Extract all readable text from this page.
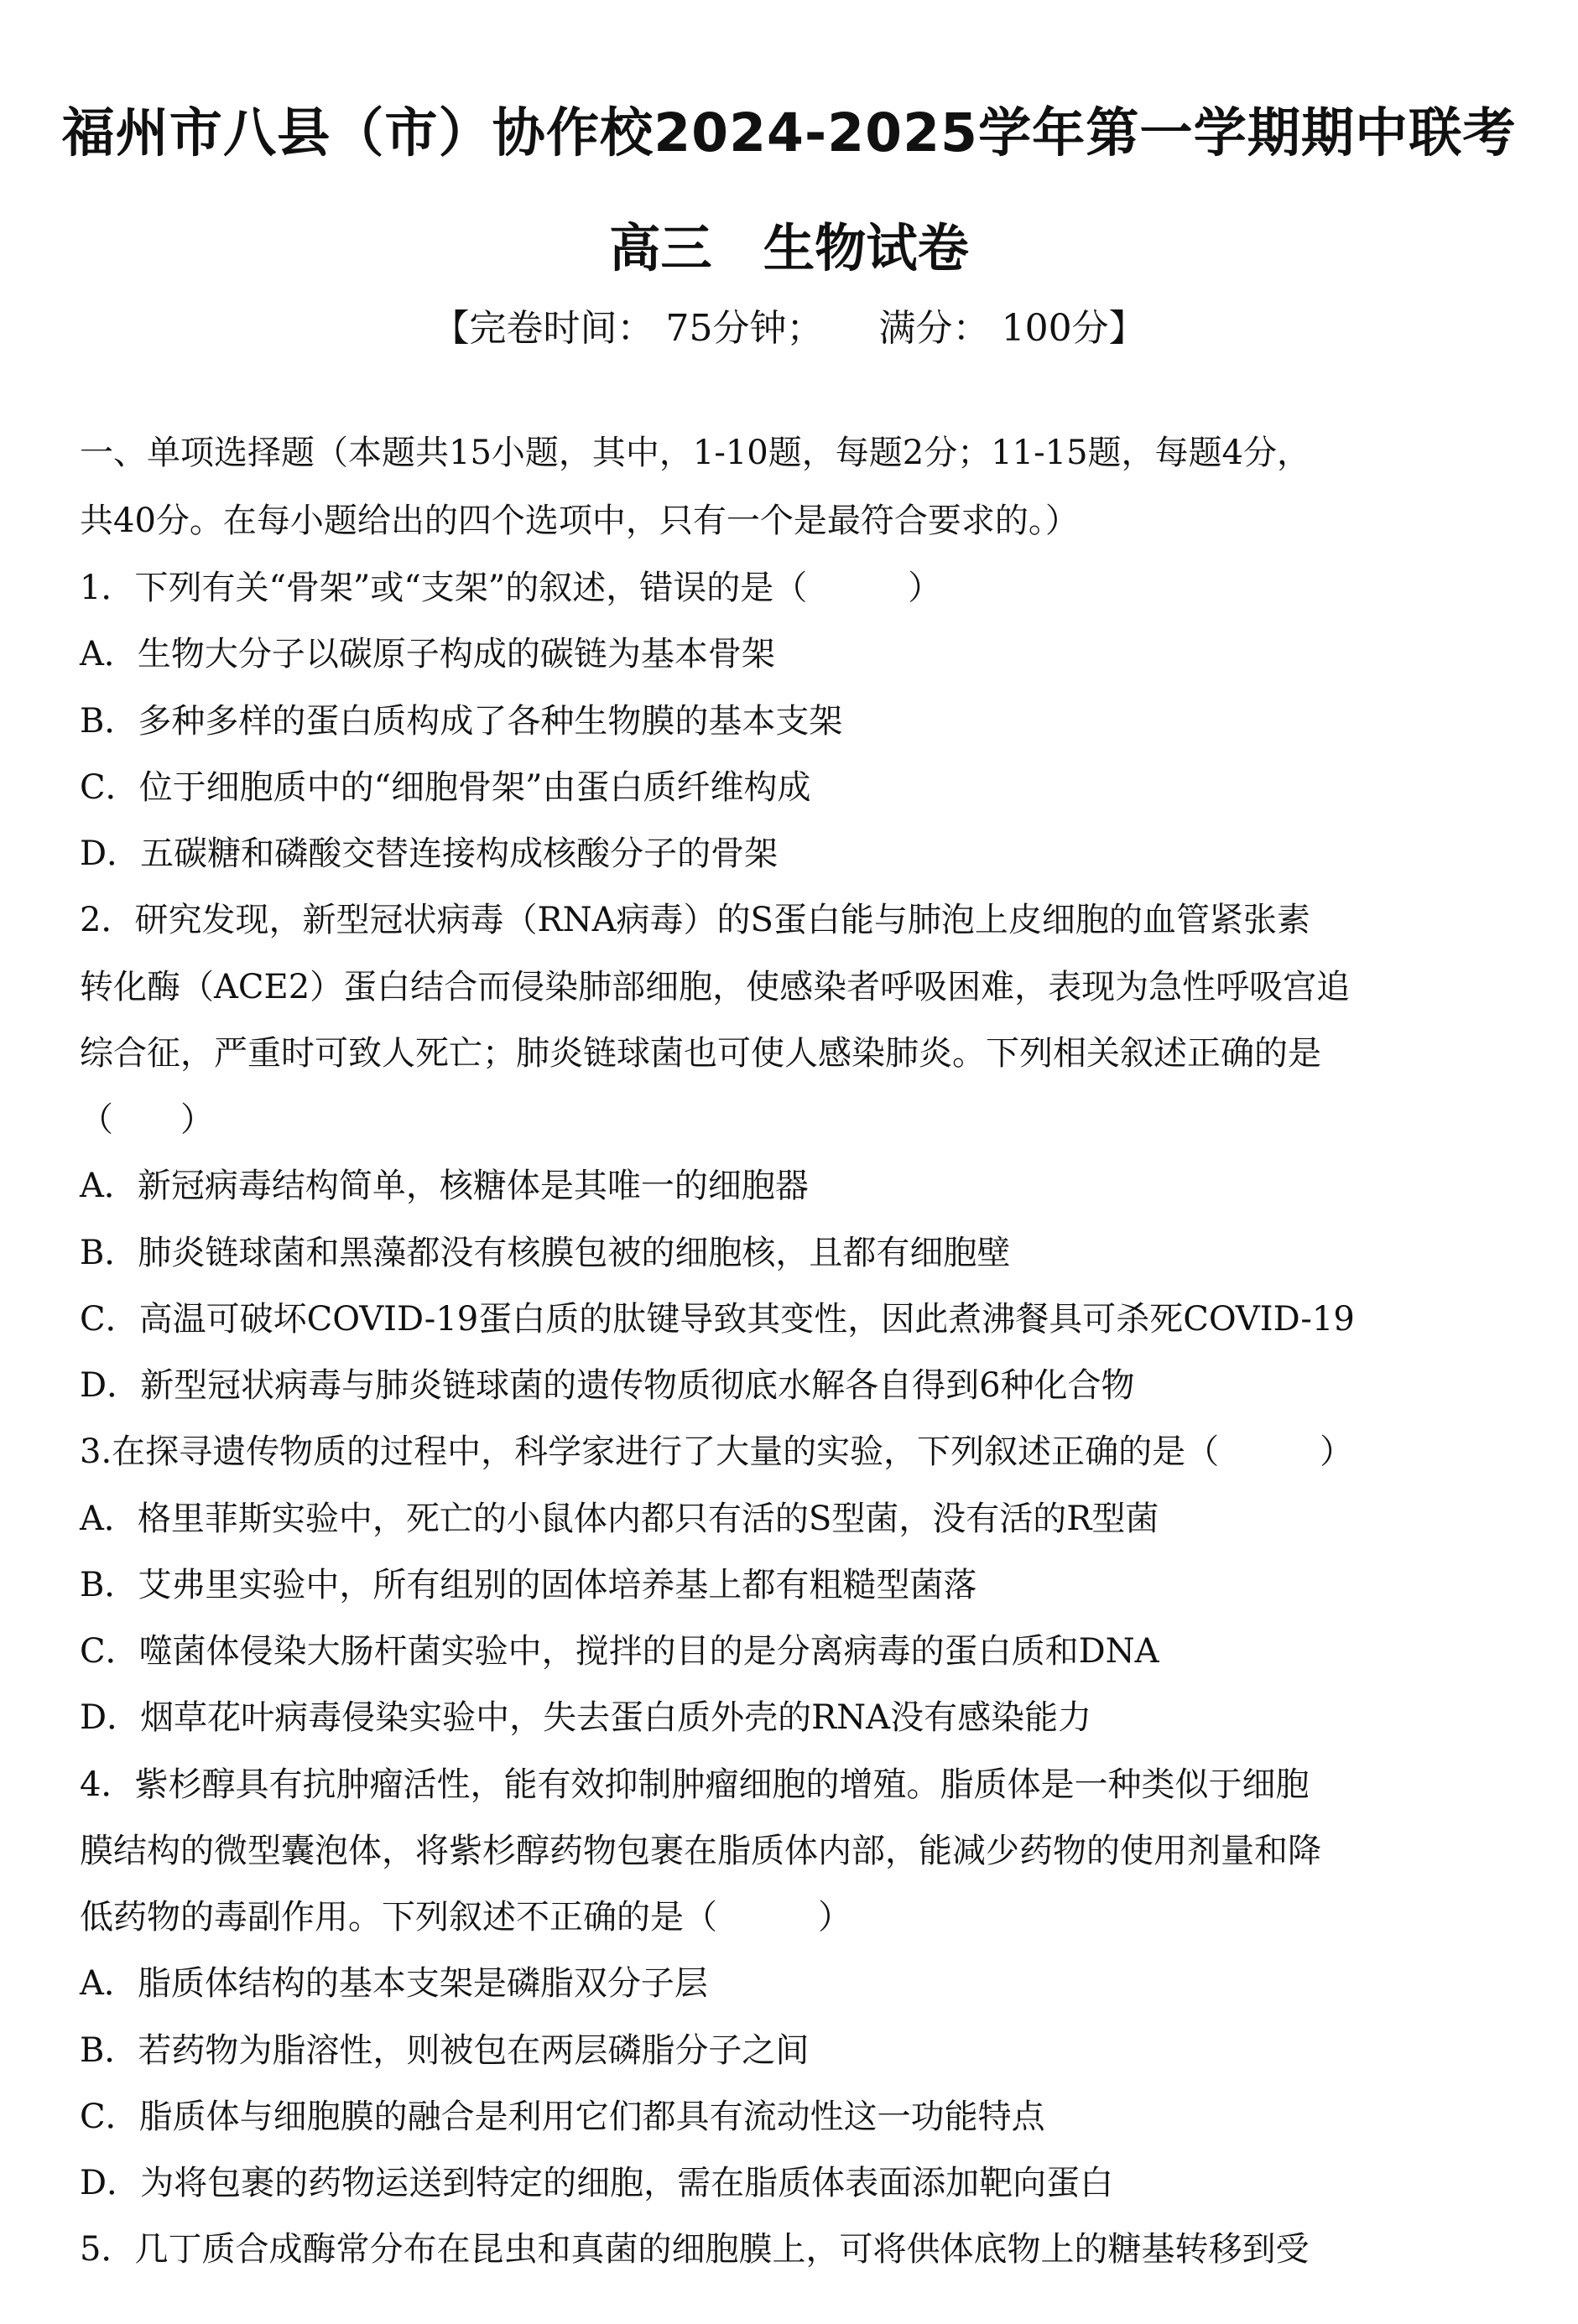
福州市八县（市）协作校2024-2025学年第一学期期中联考
高三　生物试卷
【完卷时间： 75分钟；　　满分： 100分】
一、单项选择题（本题共15小题，其中，1-10题，每题2分；11-15题，每题4分，
共40分。在每小题给出的四个选项中，只有一个是最符合要求的。）
1．下列有关“骨架”或“支架”的叙述，错误的是（　　　）
A．生物大分子以碳原子构成的碳链为基本骨架
B．多种多样的蛋白质构成了各种生物膜的基本支架
C．位于细胞质中的“细胞骨架”由蛋白质纤维构成
D．五碳糖和磷酸交替连接构成核酸分子的骨架
2．研究发现，新型冠状病毒（RNA病毒）的S蛋白能与肺泡上皮细胞的血管紧张素
转化酶（ACE2）蛋白结合而侵染肺部细胞，使感染者呼吸困难，表现为急性呼吸宫追
综合征，严重时可致人死亡；肺炎链球菌也可使人感染肺炎。下列相关叙述正确的是
（　　）
A．新冠病毒结构简单，核糖体是其唯一的细胞器
B．肺炎链球菌和黑藻都没有核膜包被的细胞核，且都有细胞壁
C．高温可破坏COVID-19蛋白质的肽键导致其变性，因此煮沸餐具可杀死COVID-19
D．新型冠状病毒与肺炎链球菌的遗传物质彻底水解各自得到6种化合物
3.在探寻遗传物质的过程中，科学家进行了大量的实验，下列叙述正确的是（　　　）
A．格里菲斯实验中，死亡的小鼠体内都只有活的S型菌，没有活的R型菌
B．艾弗里实验中，所有组别的固体培养基上都有粗糙型菌落
C．噬菌体侵染大肠杆菌实验中，搅拌的目的是分离病毒的蛋白质和DNA
D．烟草花叶病毒侵染实验中，失去蛋白质外壳的RNA没有感染能力
4．紫杉醇具有抗肿瘤活性，能有效抑制肿瘤细胞的增殖。脂质体是一种类似于细胞
膜结构的微型囊泡体，将紫杉醇药物包裹在脂质体内部，能减少药物的使用剂量和降
低药物的毒副作用。下列叙述不正确的是（　　　）
A．脂质体结构的基本支架是磷脂双分子层
B．若药物为脂溶性，则被包在两层磷脂分子之间
C．脂质体与细胞膜的融合是利用它们都具有流动性这一功能特点
D．为将包裹的药物运送到特定的细胞，需在脂质体表面添加靶向蛋白
5．几丁质合成酶常分布在昆虫和真菌的细胞膜上，可将供体底物上的糖基转移到受
